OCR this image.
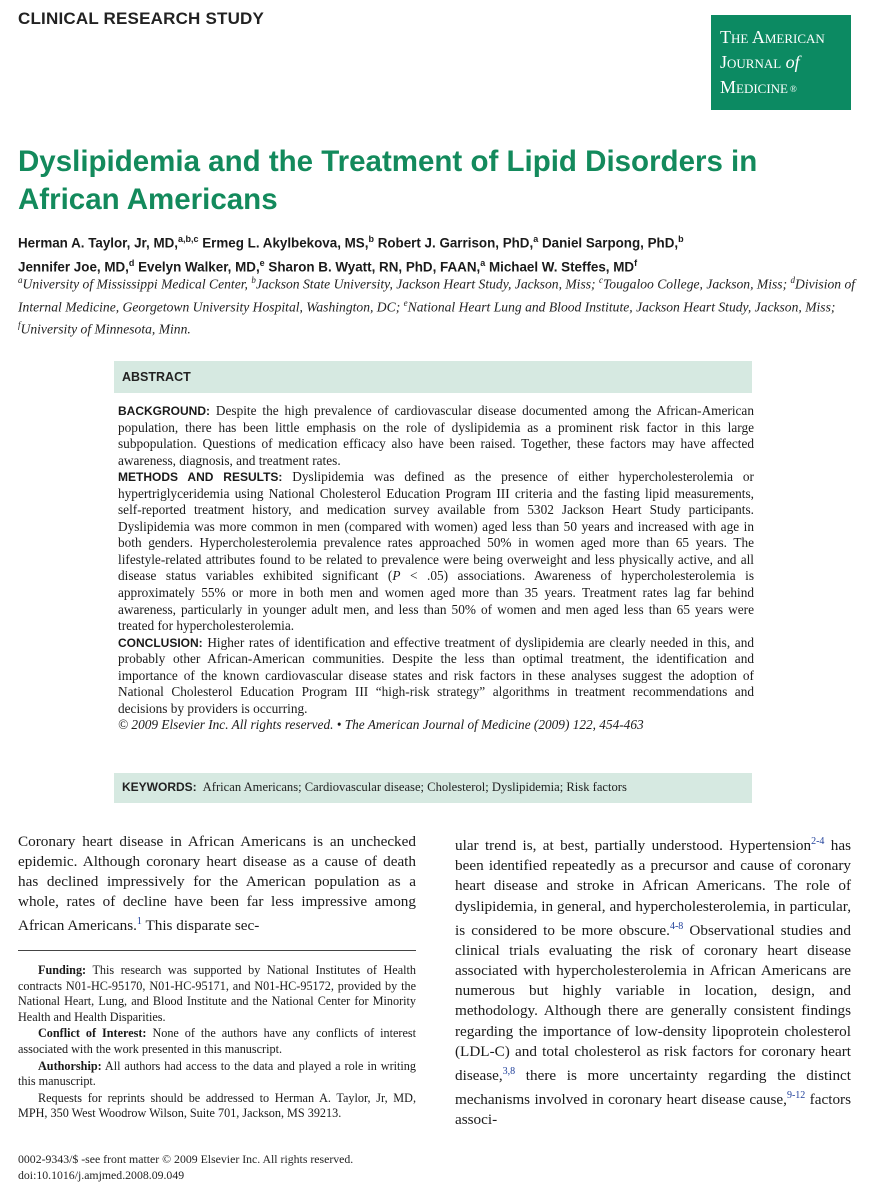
CLINICAL RESEARCH STUDY
The American
Journal of
Medicine ®
Dyslipidemia and the Treatment of Lipid Disorders in African Americans
Herman A. Taylor, Jr, MD,$^{a,b,c}$ Ermeg L. Akylbekova, MS,$^b$ Robert J. Garrison, PhD,$^a$ Daniel Sarpong, PhD,$^b$
Jennifer Joe, MD,$^d$ Evelyn Walker, MD,$^e$ Sharon B. Wyatt, RN, PhD, FAAN,$^a$ Michael W. Steffes, $MD^f$
$^a$University of Mississippi Medical Center, $^b$Jackson State University, Jackson Heart Study, Jackson, Miss; $^c$Tougaloo College, Jackson, Miss; $^d$Division of Internal Medicine, Georgetown University Hospital, Washington, DC; $^e$National Heart Lung and Blood Institute, Jackson Heart Study, Jackson, Miss; $^f$University of Minnesota, Minn.
ABSTRACT

BACKGROUND: Despite the high prevalence of cardiovascular disease documented among the African-American population, there has been little emphasis on the role of dyslipidemia as a prominent risk factor in this large subpopulation. Questions of medication efficacy also have been raised. Together, these factors may have affected awareness, diagnosis, and treatment rates.

METHODS AND RESULTS: Dyslipidemia was defined as the presence of either hypercholesterolemia or hypertriglyceridemia using National Cholesterol Education Program III criteria and the fasting lipid measurements, self-reported treatment history, and medication survey available from 5302 Jackson Heart Study participants. Dyslipidemia was more common in men (compared with women) aged less than 50 years and increased with age in both genders. Hypercholesterolemia prevalence rates approached 50% in women aged more than 65 years. The lifestyle-related attributes found to be related to prevalence were being overweight and less physically active, and all disease status variables exhibited significant (P < .05) associations. Awareness of hypercholesterolemia is approximately 55% or more in both men and women aged more than 35 years. Treatment rates lag far behind awareness, particularly in younger adult men, and less than 50% of women and men aged less than 65 years were treated for hypercholesterolemia.

CONCLUSION: Higher rates of identification and effective treatment of dyslipidemia are clearly needed in this, and probably other African-American communities. Despite the less than optimal treatment, the identification and importance of the known cardiovascular disease states and risk factors in these analyses suggest the adoption of National Cholesterol Education Program III “high-risk strategy” algorithms in treatment recommendations and decisions by providers is occurring.

© 2009 Elsevier Inc. All rights reserved. • The American Journal of Medicine (2009) 122, 454-463

KEYWORDS: African Americans; Cardiovascular disease; Cholesterol; Dyslipidemia; Risk factors
Coronary heart disease in African Americans is an unchecked epidemic. Although coronary heart disease as a cause of death has declined impressively for the American population as a whole, rates of decline have been far less impressive among African Americans.$^1$ This disparate sec-

Funding: This research was supported by National Institutes of Health contracts N01-HC-95170, N01-HC-95171, and N01-HC-95172, provided by the National Heart, Lung, and Blood Institute and the National Center for Minority Health and Health Disparities.

Conflict of Interest: None of the authors have any conflicts of interest associated with the work presented in this manuscript.

Authorship: All authors had access to the data and played a role in writing this manuscript.

Requests for reprints should be addressed to Herman A. Taylor, Jr, MD, MPH, 350 West Woodrow Wilson, Suite 701, Jackson, MS 39213.

ular trend is, at best, partially understood. Hypertension$^{2-4}$ has been identified repeatedly as a precursor and cause of coronary heart disease and stroke in African Americans. The role of dyslipidemia, in general, and hypercholesterolemia, in particular, is considered to be more obscure.$^{4-8}$ Observational studies and clinical trials evaluating the risk of coronary heart disease associated with hypercholesterolemia in African Americans are numerous but highly variable in location, design, and methodology. Although there are generally consistent findings regarding the importance of low-density lipoprotein cholesterol (LDL-C) and total cholesterol as risk factors for coronary heart disease,$^{3,8}$ there is more uncertainty regarding the distinct mechanisms involved in coronary heart disease cause,$^{9-12}$ factors associ-
0002-9343/$ -see front matter © 2009 Elsevier Inc. All rights reserved.
doi:10.1016/j.amjmed.2008.09.049
